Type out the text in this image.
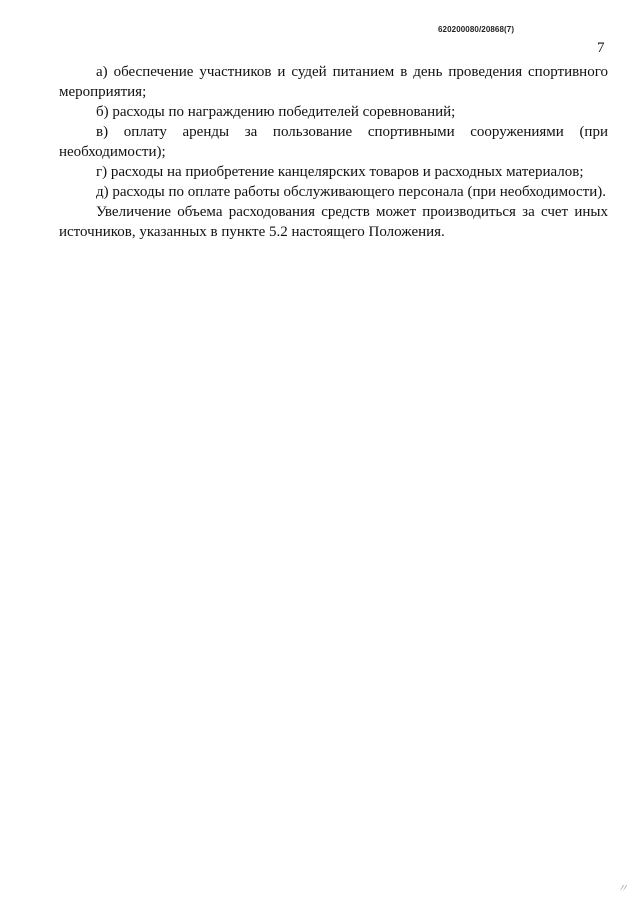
620200080/20868(7)
7

а) обеспечение участников и судей питанием в день проведения спортивного мероприятия;

б) расходы по награждению победителей соревнований;

в) оплату аренды за пользование спортивными сооружениями (при необходимости);

г) расходы на приобретение канцелярских товаров и расходных материалов;

д) расходы по оплате работы обслуживающего персонала (при необходимости).

Увеличение объема расходования средств может производиться за счет иных источников, указанных в пункте 5.2 настоящего Положения.

〃
